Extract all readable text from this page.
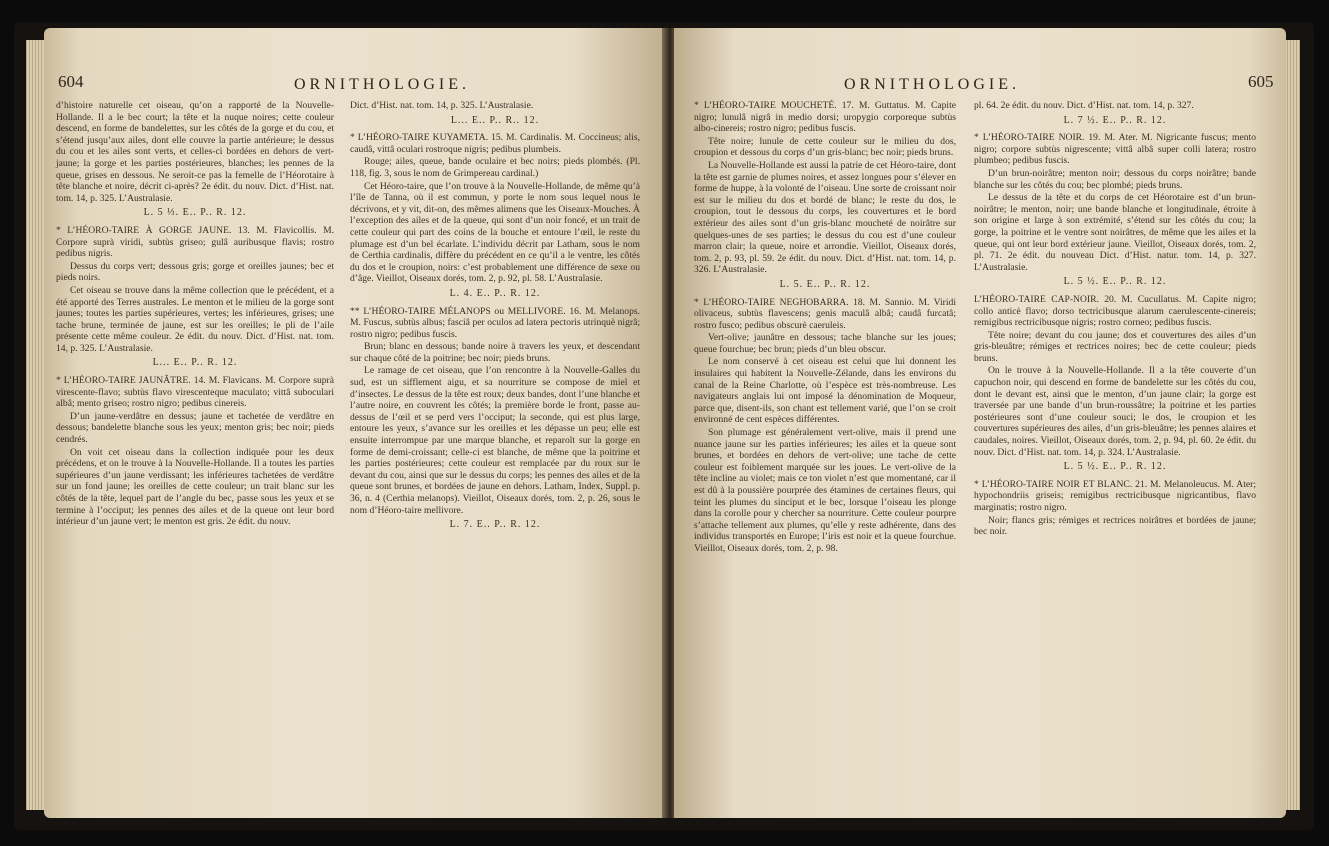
604	ORNITHOLOGIE.

d’histoire naturelle cet oiseau, qu’on a rapporté de la Nouvelle-Hollande. Il a le bec court; la tête et la nuque noires; cette couleur descend, en forme de bandelettes, sur les côtés de la gorge et du cou, et s’étend jusqu’aux ailes, dont elle couvre la partie antérieure; le dessus du cou et les ailes sont verts, et celles-ci bordées en dehors de vert-jaune; la gorge et les parties postérieures, blanches; les pennes de la queue, grises en dessous. Ne seroit-ce pas la femelle de l’Héorotaire à tête blanche et noire, décrit ci-après? 2e édit. du nouv. Dict. d’Hist. nat. tom. 14, p. 325. L’Australasie.

L. 5 ⅓. E.. P.. R. 12.

* L’HÉORO-TAIRE À GORGE JAUNE. 13. M. Flavicollis. M. Corpore suprà viridi, subtùs griseo; gulâ auribusque flavis; rostro pedibus nigris.

Dessus du corps vert; dessous gris; gorge et oreilles jaunes; bec et pieds noirs.

Cet oiseau se trouve dans la même collection que le précédent, et a été apporté des Terres australes. Le menton et le milieu de la gorge sont jaunes; toutes les parties supérieures, vertes; les inférieures, grises; une tache brune, terminée de jaune, est sur les oreilles; le pli de l’aile présente cette même couleur. 2e édit. du nouv. Dict. d’Hist. nat. tom. 14, p. 325. L’Australasie.

L... E.. P.. R. 12.

* L’HÉORO-TAIRE JAUNÂTRE. 14. M. Flavicans. M. Corpore suprà virescente-flavo; subtùs flavo virescenteque maculato; vittâ suboculari albâ; mento griseo; rostro nigro; pedibus cinereis.

D’un jaune-verdâtre en dessus; jaune et tachetée de verdâtre en dessous; bandelette blanche sous les yeux; menton gris; bec noir; pieds cendrés.

On voit cet oiseau dans la collection indiquée pour les deux précédens, et on le trouve à la Nouvelle-Hollande. Il a toutes les parties supérieures d’un jaune verdissant; les inférieures tachetées de verdâtre sur un fond jaune; les oreilles de cette couleur; un trait blanc sur les côtés de la tête, lequel part de l’angle du bec, passe sous les yeux et se termine à l’occiput; les pennes des ailes et de la queue ont leur bord intérieur d’un jaune vert; le menton est gris. 2e édit. du nouv.

Dict. d’Hist. nat. tom. 14, p. 325. L’Australasie.

L... E.. P.. R.. 12.

* L’HÉORO-TAIRE KUYAMETA. 15. M. Cardinalis. M. Coccineus; alis, caudâ, vittâ oculari rostroque nigris; pedibus plumbeis.

Rouge; ailes, queue, bande oculaire et bec noirs; pieds plombés. (Pl. 118, fig. 3, sous le nom de Grimpereau cardinal.)

Cet Héoro-taire, que l’on trouve à la Nouvelle-Hollande, de même qu’à l’île de Tanna, où il est commun, y porte le nom sous lequel nous le décrivons, et y vit, dit-on, des mêmes alimens que les Oiseaux-Mouches. À l’exception des ailes et de la queue, qui sont d’un noir foncé, et un trait de cette couleur qui part des coins de la bouche et entoure l’œil, le reste du plumage est d’un bel écarlate. L’individu décrit par Latham, sous le nom de Certhia cardinalis, diffère du précédent en ce qu’il a le ventre, les côtés du dos et le croupion, noirs: c’est probablement une différence de sexe ou d’âge. Vieillot, Oiseaux dorés, tom. 2, p. 92, pl. 58. L’Australasie.

L. 4. E.. P.. R. 12.

** L’HÉORO-TAIRE MÉLANOPS ou MELLIVORE. 16. M. Melanops. M. Fuscus, subtùs albus; fasciâ per oculos ad latera pectoris utrinquè nigrâ; rostro nigro; pedibus fuscis.

Brun; blanc en dessous; bande noire à travers les yeux, et descendant sur chaque côté de la poitrine; bec noir; pieds bruns.

Le ramage de cet oiseau, que l’on rencontre à la Nouvelle-Galles du sud, est un sifflement aigu, et sa nourriture se compose de miel et d’insectes. Le dessus de la tête est roux; deux bandes, dont l’une blanche et l’autre noire, en couvrent les côtés; la première borde le front, passe au-dessus de l’œil et se perd vers l’occiput; la seconde, qui est plus large, entoure les yeux, s’avance sur les oreilles et les dépasse un peu; elle est ensuite interrompue par une marque blanche, et reparoît sur la gorge en forme de demi-croissant; celle-ci est blanche, de même que la poitrine et les parties postérieures; cette couleur est remplacée par du roux sur le devant du cou, ainsi que sur le dessus du corps; les pennes des ailes et de la queue sont brunes, et bordées de jaune en dehors. Latham, Index, Suppl. p. 36, n. 4 (Certhia melanops). Vieillot, Oiseaux dorés, tom. 2, p. 26, sous le nom d’Héoro-taire mellivore.

L. 7. E.. P.. R. 12.

ORNITHOLOGIE.	605

* L’HÉORO-TAIRE MOUCHETÉ. 17. M. Guttatus. M. Capite nigro; lunulâ nigrâ in medio dorsi; uropygio corporeque subtùs albo-cinereis; rostro nigro; pedibus fuscis.

Tête noire; lunule de cette couleur sur le milieu du dos, croupion et dessous du corps d’un gris-blanc; bec noir; pieds bruns.

La Nouvelle-Hollande est aussi la patrie de cet Héoro-taire, dont la tête est garnie de plumes noires, et assez longues pour s’élever en forme de huppe, à la volonté de l’oiseau. Une sorte de croissant noir est sur le milieu du dos et bordé de blanc; le reste du dos, le croupion, tout le dessous du corps, les couvertures et le bord extérieur des ailes sont d’un gris-blanc moucheté de noirâtre sur quelques-unes de ses parties; le dessus du cou est d’une couleur marron clair; la queue, noire et arrondie. Vieillot, Oiseaux dorés, tom. 2, p. 93, pl. 59. 2e édit. du nouv. Dict. d’Hist. nat. tom. 14, p. 326. L’Australasie.

L. 5. E.. P.. R. 12.

* L’HÉORO-TAIRE NEGHOBARRA. 18. M. Sannio. M. Viridi olivaceus, subtùs flavescens; genis maculâ albâ; caudâ furcatâ; rostro fusco; pedibus obscurè caeruleis.

Vert-olive; jaunâtre en dessous; tache blanche sur les joues; queue fourchue; bec brun; pieds d’un bleu obscur.

Le nom conservé à cet oiseau est celui que lui donnent les insulaires qui habitent la Nouvelle-Zélande, dans les environs du canal de la Reine Charlotte, où l’espèce est très-nombreuse. Les navigateurs anglais lui ont imposé la dénomination de Moqueur, parce que, disent-ils, son chant est tellement varié, que l’on se croit environné de cent espèces différentes.

Son plumage est généralement vert-olive, mais il prend une nuance jaune sur les parties inférieures; les ailes et la queue sont brunes, et bordées en dehors de vert-olive; une tache de cette couleur est foiblement marquée sur les joues. Le vert-olive de la tête incline au violet; mais ce ton violet n’est que momentané, car il est dû à la poussière pourprée des étamines de certaines fleurs, qui teint les plumes du sinciput et le bec, lorsque l’oiseau les plonge dans la corolle pour y chercher sa nourriture. Cette couleur pourpre s’attache tellement aux plumes, qu’elle y reste adhérente, dans des individus transportés en Europe; l’iris est noir et la queue fourchue. Vieillot, Oiseaux dorés, tom. 2, p. 98.

pl. 64. 2e édit. du nouv. Dict. d’Hist. nat. tom. 14, p. 327.

L. 7 ½. E.. P.. R. 12.

* L’HÉORO-TAIRE NOIR. 19. M. Ater. M. Nigricante fuscus; mento nigro; corpore subtùs nigrescente; vittâ albâ super colli latera; rostro plumbeo; pedibus fuscis.

D’un brun-noirâtre; menton noir; dessous du corps noirâtre; bande blanche sur les côtés du cou; bec plombé; pieds bruns.

Le dessus de la tête et du corps de cet Héorotaire est d’un brun-noirâtre; le menton, noir; une bande blanche et longitudinale, étroite à son origine et large à son extrémité, s’étend sur les côtés du cou; la gorge, la poitrine et le ventre sont noirâtres, de même que les ailes et la queue, qui ont leur bord extérieur jaune. Vieillot, Oiseaux dorés, tom. 2, pl. 71. 2e édit. du nouveau Dict. d’Hist. natur. tom. 14, p. 327. L’Australasie.

L. 5 ½. E.. P.. R. 12.

L’HÉORO-TAIRE CAP-NOIR. 20. M. Cucullatus. M. Capite nigro; collo anticè flavo; dorso tectricibusque alarum caerulescente-cinereis; remigibus rectricibusque nigris; rostro corneo; pedibus fuscis.

Tête noire; devant du cou jaune; dos et couvertures des ailes d’un gris-bleuâtre; rémiges et rectrices noires; bec de cette couleur; pieds bruns.

On le trouve à la Nouvelle-Hollande. Il a la tête couverte d’un capuchon noir, qui descend en forme de bandelette sur les côtés du cou, dont le devant est, ainsi que le menton, d’un jaune clair; la gorge est traversée par une bande d’un brun-roussâtre; la poitrine et les parties postérieures sont d’une couleur souci; le dos, le croupion et les couvertures supérieures des ailes, d’un gris-bleuâtre; les pennes alaires et caudales, noires. Vieillot, Oiseaux dorés, tom. 2, p. 94, pl. 60. 2e édit. du nouv. Dict. d’Hist. nat. tom. 14, p. 324. L’Australasie.

L. 5 ½. E.. P.. R. 12.

* L’HÉORO-TAIRE NOIR ET BLANC. 21. M. Melanoleucus. M. Ater; hypochondriis griseis; remigibus rectricibusque nigricantibus, flavo marginatis; rostro nigro.

Noir; flancs gris; rémiges et rectrices noirâtres et bordées de jaune; bec noir.
